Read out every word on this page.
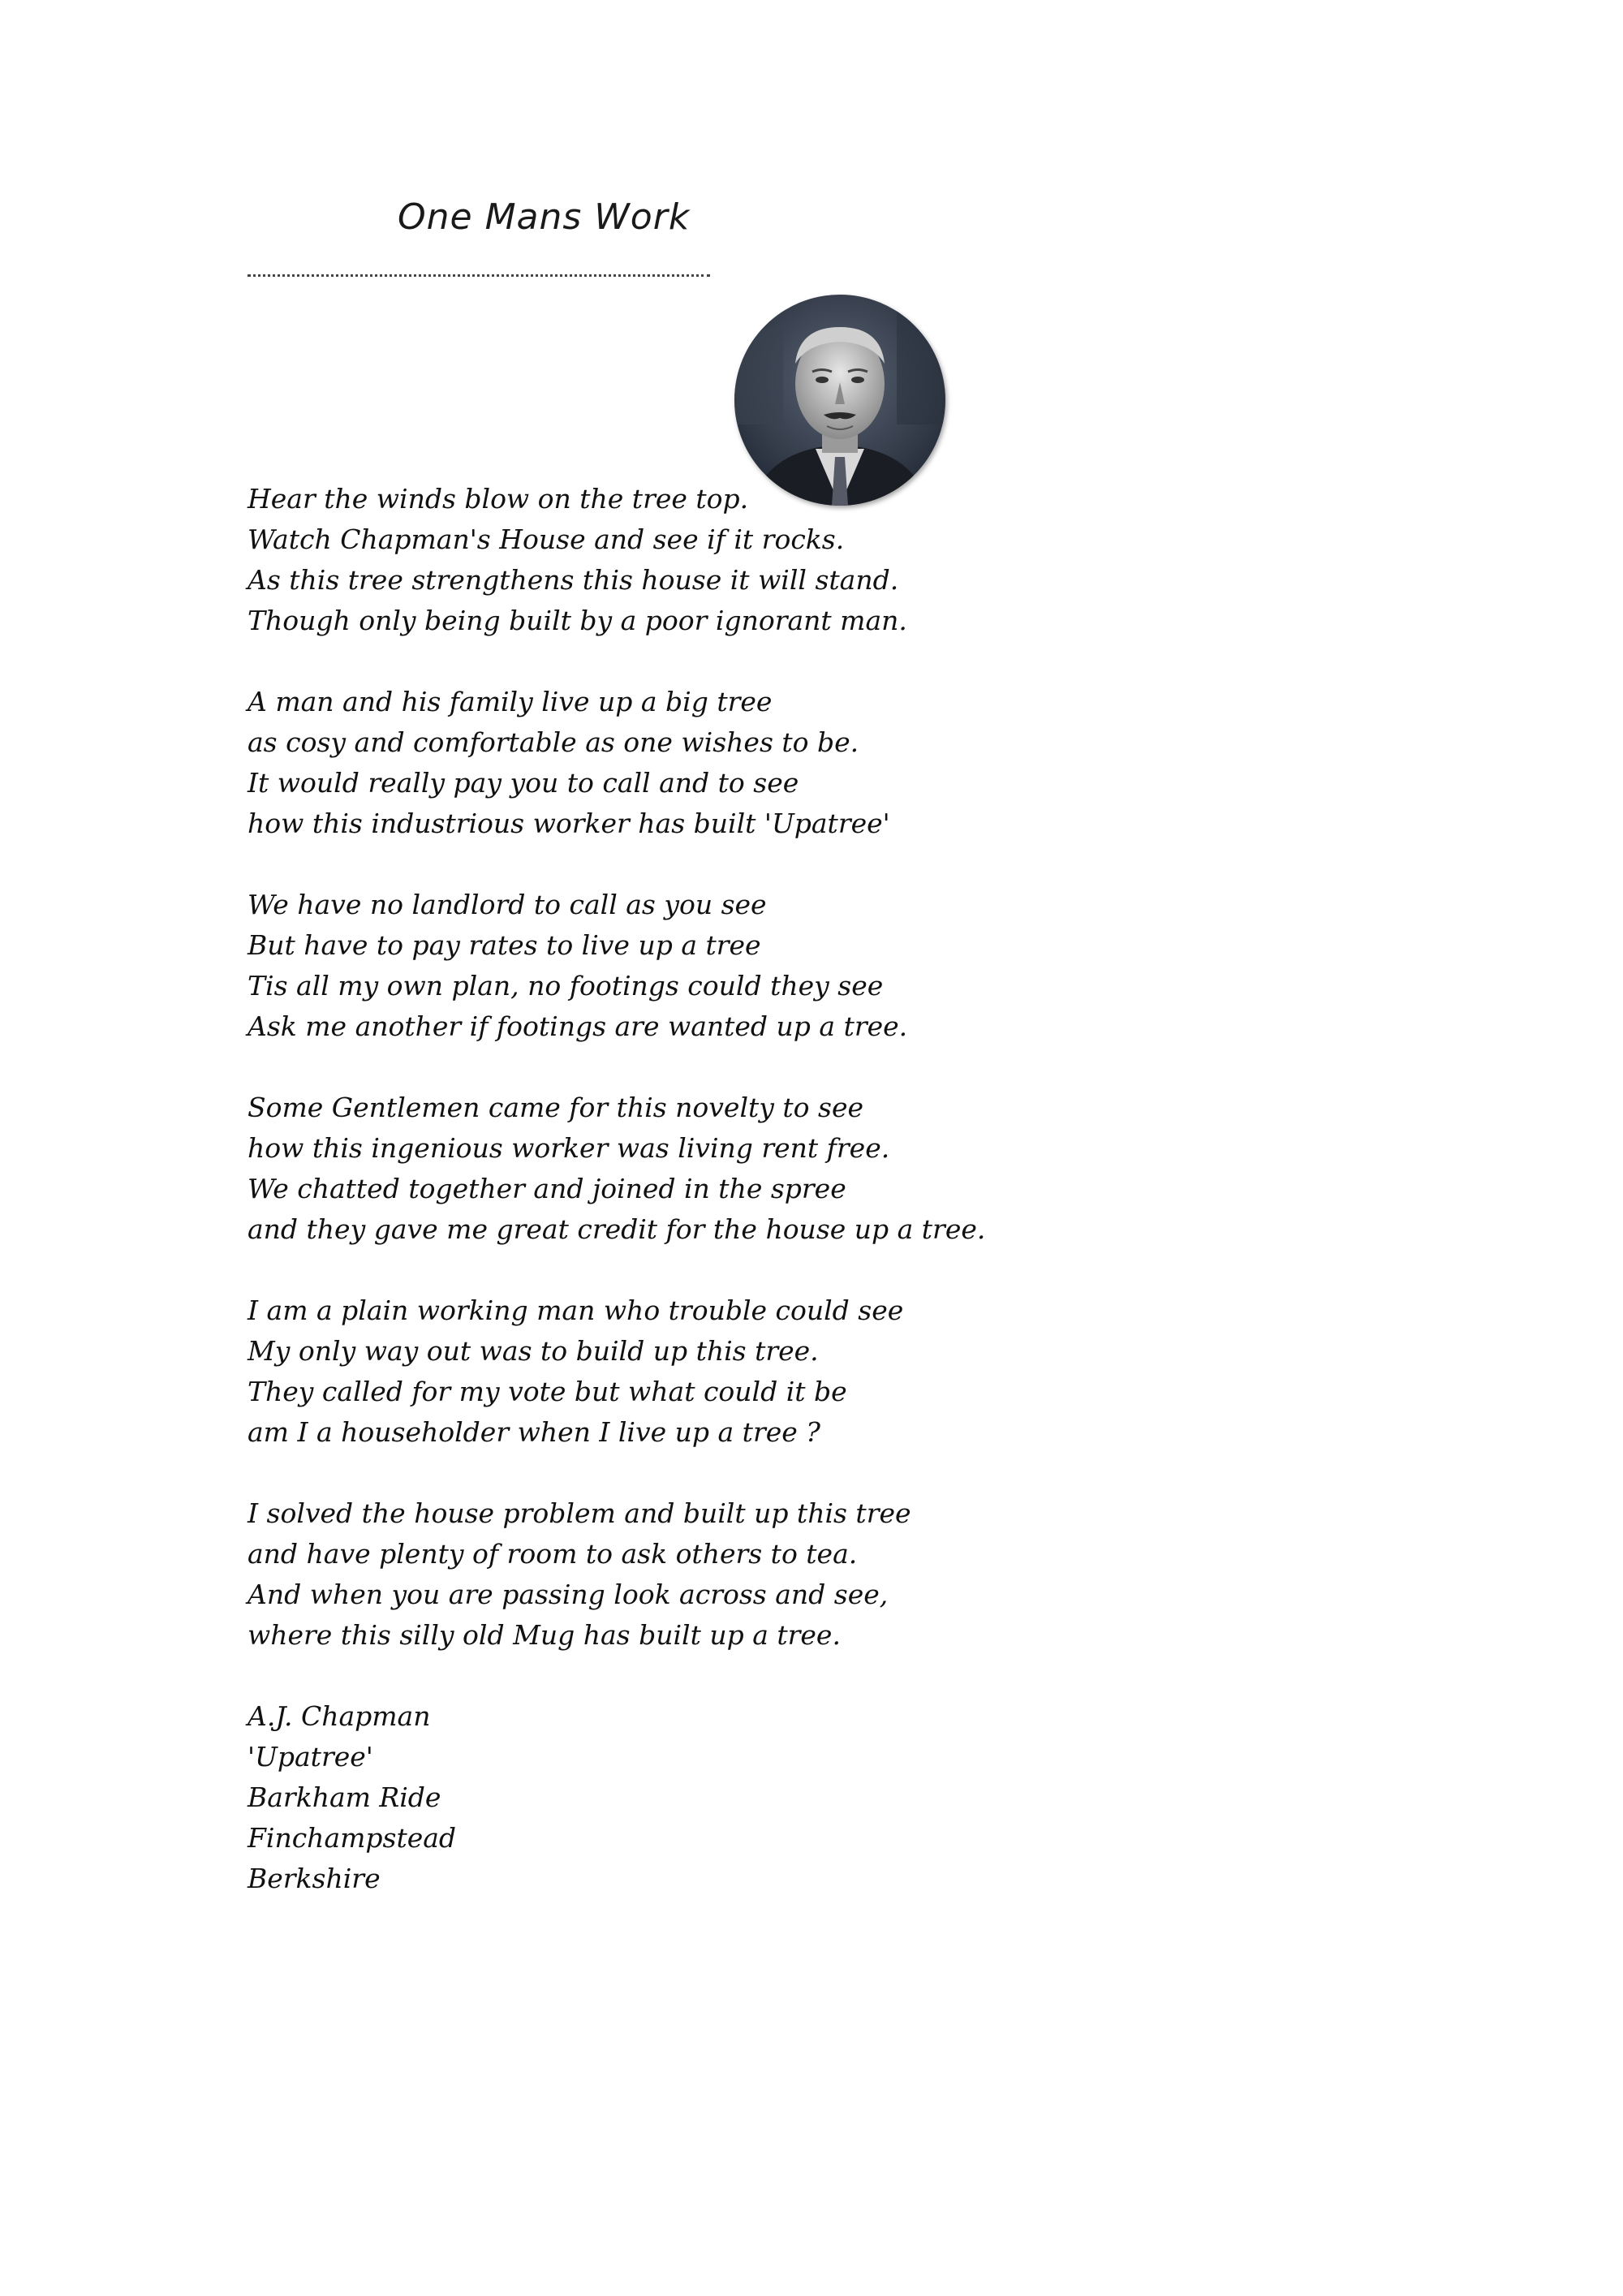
One Mans Work
Hear the winds blow on the tree top.
Watch Chapman's House and see if it rocks.
As this tree strengthens this house it will stand.
Though only being built by a poor ignorant man.
A man and his family live up a big tree
as cosy and comfortable as one wishes to be.
It would really pay you to call and to see
how this industrious worker has built 'Upatree'
We have no landlord to call as you see
But have to pay rates to live up a tree
Tis all my own plan, no footings could they see
Ask me another if footings are wanted up a tree.
Some Gentlemen came for this novelty to see
how this ingenious worker was living rent free.
We chatted together and joined in the spree
and they gave me great credit for the house up a tree.
I am a plain working man who trouble could see
My only way out was to build up this tree.
They called for my vote but what could it be
am I a householder when I live up a tree ?
I solved the house problem and built up this tree
and have plenty of room to ask others to tea.
And when you are passing look across and see,
where this silly old Mug has built up a tree.
A.J. Chapman
'Upatree'
Barkham Ride
Finchampstead
Berkshire
